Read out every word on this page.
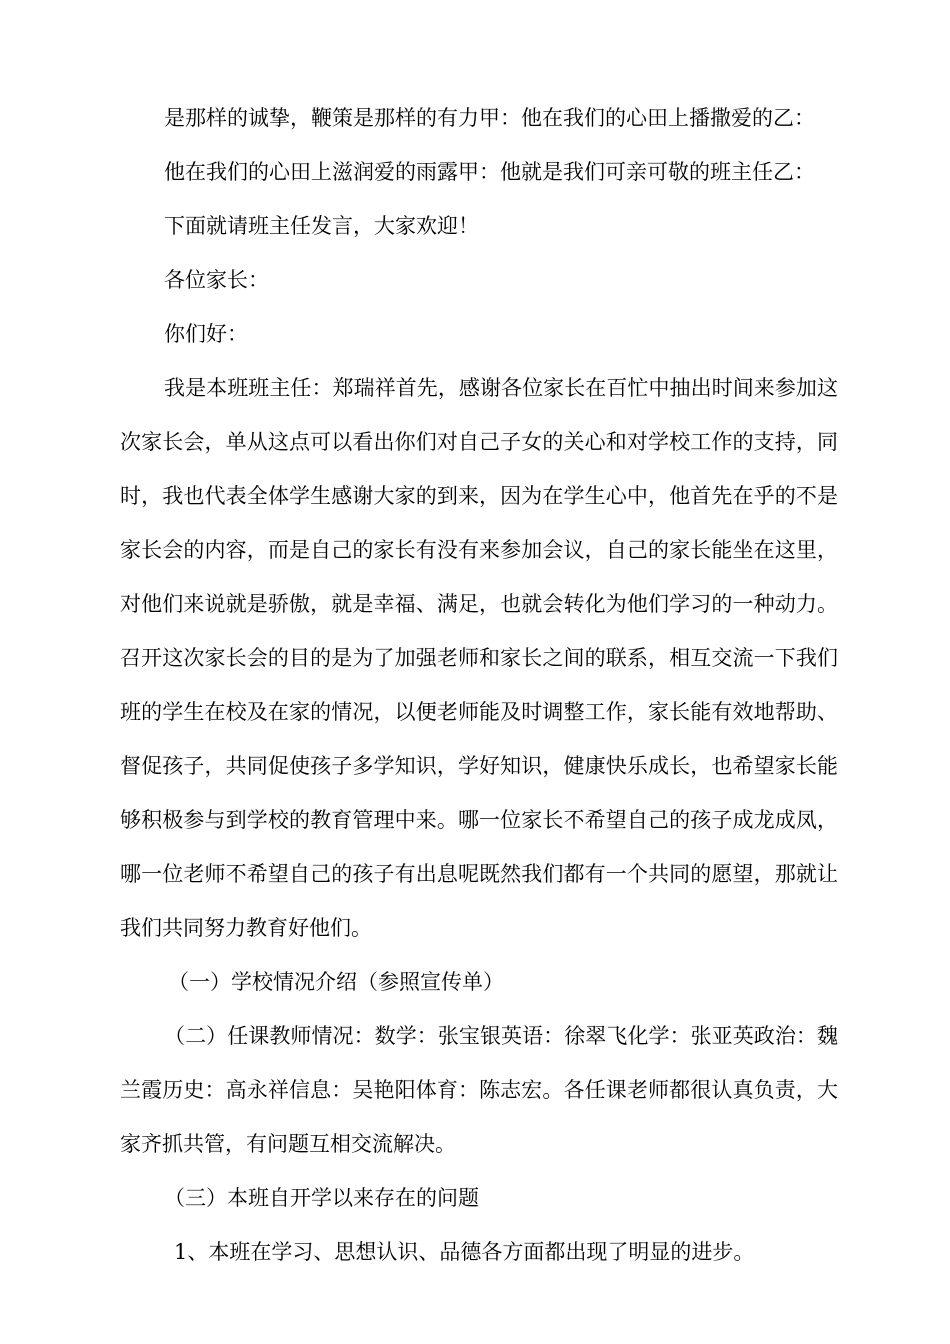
是那样的诚挚，鞭策是那样的有力甲：他在我们的心田上播撒爱的乙：

他在我们的心田上滋润爱的雨露甲：他就是我们可亲可敬的班主任乙：

下面就请班主任发言，大家欢迎！

各位家长：

你们好：

我是本班班主任：郑瑞祥首先，感谢各位家长在百忙中抽出时间来参加这次家长会，单从这点可以看出你们对自己子女的关心和对学校工作的支持，同时，我也代表全体学生感谢大家的到来，因为在学生心中，他首先在乎的不是家长会的内容，而是自己的家长有没有来参加会议，自己的家长能坐在这里，对他们来说就是骄傲，就是幸福、满足，也就会转化为他们学习的一种动力。召开这次家长会的目的是为了加强老师和家长之间的联系，相互交流一下我们班的学生在校及在家的情况，以便老师能及时调整工作，家长能有效地帮助、督促孩子，共同促使孩子多学知识，学好知识，健康快乐成长，也希望家长能够积极参与到学校的教育管理中来。哪一位家长不希望自己的孩子成龙成凤，哪一位老师不希望自己的孩子有出息呢既然我们都有一个共同的愿望，那就让我们共同努力教育好他们。

（一）学校情况介绍（参照宣传单）

（二）任课教师情况：数学：张宝银英语：徐翠飞化学：张亚英政治：魏兰霞历史：高永祥信息：吴艳阳体育：陈志宏。各任课老师都很认真负责，大家齐抓共管，有问题互相交流解决。

（三）本班自开学以来存在的问题

1、本班在学习、思想认识、品德各方面都出现了明显的进步。
